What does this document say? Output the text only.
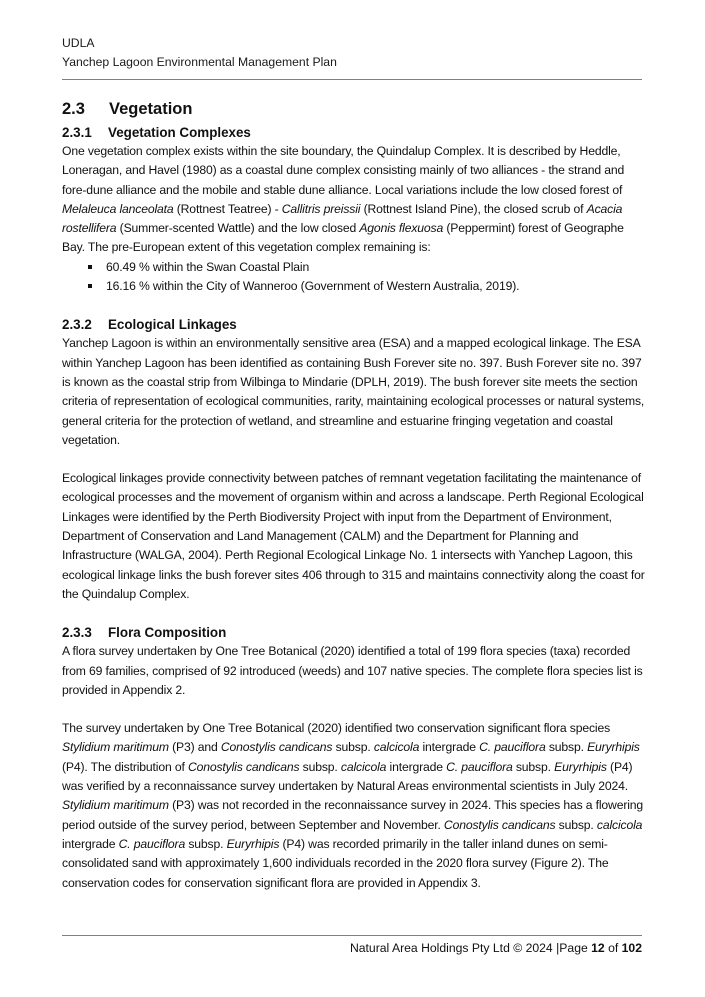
UDLA
Yanchep Lagoon Environmental Management Plan
2.3 Vegetation
2.3.1 Vegetation Complexes

One vegetation complex exists within the site boundary, the Quindalup Complex. It is described by Heddle, Loneragan, and Havel (1980) as a coastal dune complex consisting mainly of two alliances - the strand and fore-dune alliance and the mobile and stable dune alliance. Local variations include the low closed forest of Melaleuca lanceolata (Rottnest Teatree) - Callitris preissii (Rottnest Island Pine), the closed scrub of Acacia rostellifera (Summer-scented Wattle) and the low closed Agonis flexuosa (Peppermint) forest of Geographe Bay. The pre-European extent of this vegetation complex remaining is:

60.49 % within the Swan Coastal Plain
16.16 % within the City of Wanneroo (Government of Western Australia, 2019).
2.3.2 Ecological Linkages

Yanchep Lagoon is within an environmentally sensitive area (ESA) and a mapped ecological linkage. The ESA within Yanchep Lagoon has been identified as containing Bush Forever site no. 397. Bush Forever site no. 397 is known as the coastal strip from Wilbinga to Mindarie (DPLH, 2019). The bush forever site meets the section criteria of representation of ecological communities, rarity, maintaining ecological processes or natural systems, general criteria for the protection of wetland, and streamline and estuarine fringing vegetation and coastal vegetation.

Ecological linkages provide connectivity between patches of remnant vegetation facilitating the maintenance of ecological processes and the movement of organism within and across a landscape. Perth Regional Ecological Linkages were identified by the Perth Biodiversity Project with input from the Department of Environment, Department of Conservation and Land Management (CALM) and the Department for Planning and Infrastructure (WALGA, 2004). Perth Regional Ecological Linkage No. 1 intersects with Yanchep Lagoon, this ecological linkage links the bush forever sites 406 through to 315 and maintains connectivity along the coast for the Quindalup Complex.

2.3.3 Flora Composition

A flora survey undertaken by One Tree Botanical (2020) identified a total of 199 flora species (taxa) recorded from 69 families, comprised of 92 introduced (weeds) and 107 native species. The complete flora species list is provided in Appendix 2.

The survey undertaken by One Tree Botanical (2020) identified two conservation significant flora species Stylidium maritimum (P3) and Conostylis candicans subsp. calcicola intergrade C. pauciflora subsp. Euryrhipis (P4). The distribution of Conostylis candicans subsp. calcicola intergrade C. pauciflora subsp. Euryrhipis (P4) was verified by a reconnaissance survey undertaken by Natural Areas environmental scientists in July 2024. Stylidium maritimum (P3) was not recorded in the reconnaissance survey in 2024. This species has a flowering period outside of the survey period, between September and November. Conostylis candicans subsp. calcicola intergrade C. pauciflora subsp. Euryrhipis (P4) was recorded primarily in the taller inland dunes on semi-consolidated sand with approximately 1,600 individuals recorded in the 2020 flora survey (Figure 2). The conservation codes for conservation significant flora are provided in Appendix 3.

Natural Area Holdings Pty Ltd © 2024 |Page 12 of 102
